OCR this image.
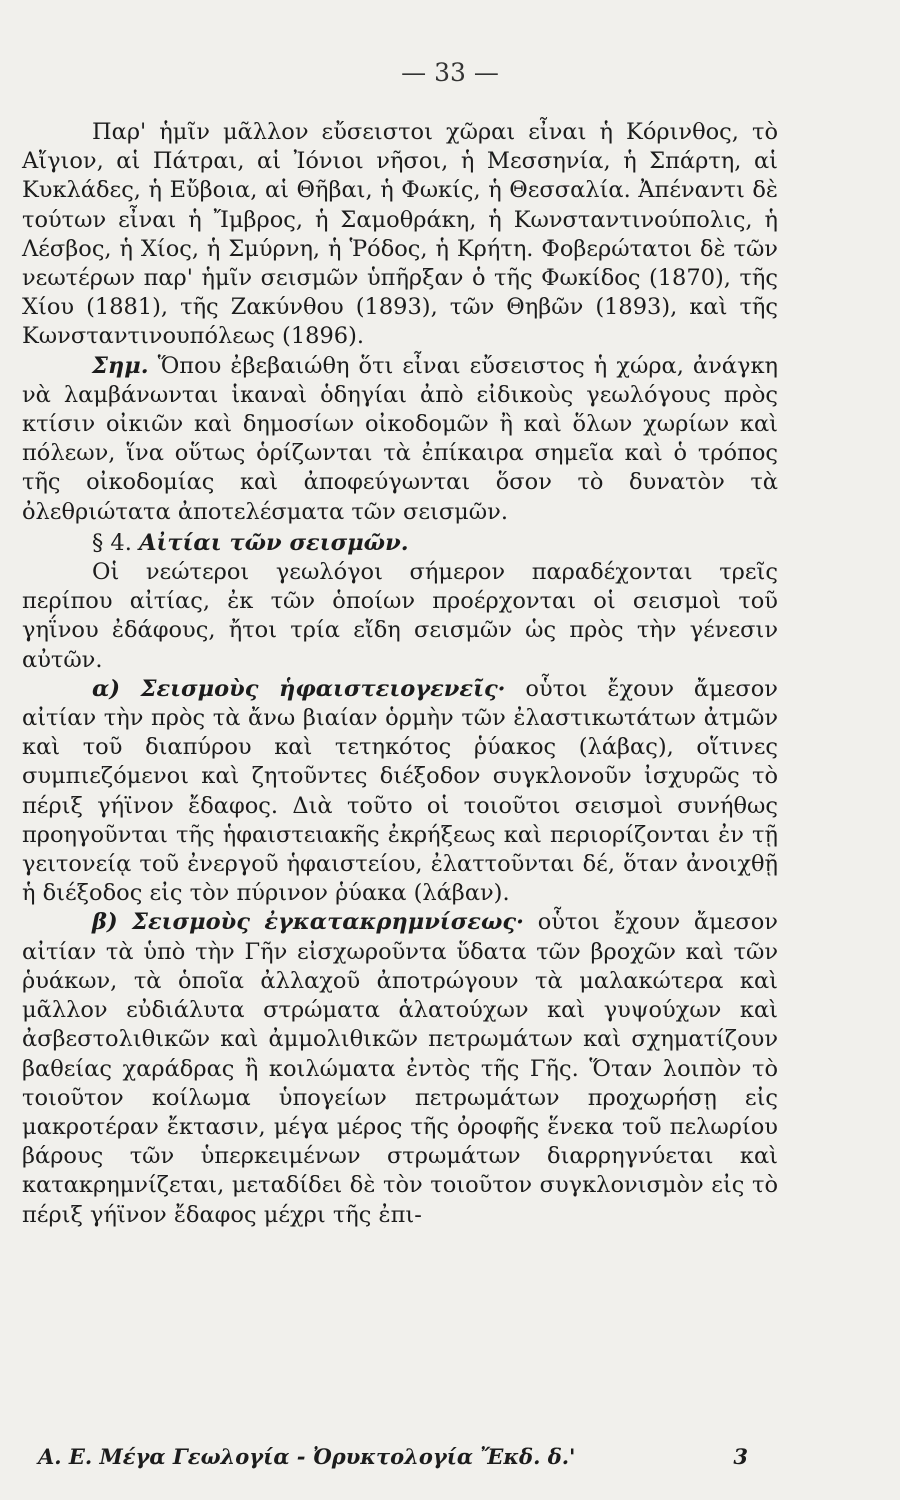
— 33 —

Παρ' ἡμῖν μᾶλλον εὔσειστοι χῶραι εἶναι ἡ Κόρινθος, τὸ Αἴγιον, αἱ Πάτραι, αἱ Ἰόνιοι νῆσοι, ἡ Μεσσηνία, ἡ Σπάρτη, αἱ Κυκλάδες, ἡ Εὔβοια, αἱ Θῆβαι, ἡ Φωκίς, ἡ Θεσσαλία. Ἀπέναντι δὲ τούτων εἶναι ἡ Ἴμβρος, ἡ Σαμοθράκη, ἡ Κωνσταντινούπολις, ἡ Λέσβος, ἡ Χίος, ἡ Σμύρνη, ἡ Ῥόδος, ἡ Κρήτη. Φοβερώτατοι δὲ τῶν νεωτέρων παρ' ἡμῖν σεισμῶν ὑπῆρξαν ὁ τῆς Φωκίδος (1870), τῆς Χίου (1881), τῆς Ζακύνθου (1893), τῶν Θηβῶν (1893), καὶ τῆς Κωνσταντινουπόλεως (1896).

Σημ. Ὅπου ἐβεβαιώθη ὅτι εἶναι εὔσειστος ἡ χώρα, ἀνάγκη νὰ λαμβάνωνται ἱκαναὶ ὁδηγίαι ἀπὸ εἰδικοὺς γεωλόγους πρὸς κτίσιν οἰκιῶν καὶ δημοσίων οἰκοδομῶν ἢ καὶ ὅλων χωρίων καὶ πόλεων, ἵνα οὕτως ὁρίζωνται τὰ ἐπίκαιρα σημεῖα καὶ ὁ τρόπος τῆς οἰκοδομίας καὶ ἀποφεύγωνται ὅσον τὸ δυνατὸν τὰ ὀλεθριώτατα ἀποτελέσματα τῶν σεισμῶν.

§ 4. Αἰτίαι τῶν σεισμῶν.

Οἱ νεώτεροι γεωλόγοι σήμερον παραδέχονται τρεῖς περίπου αἰτίας, ἐκ τῶν ὁποίων προέρχονται οἱ σεισμοὶ τοῦ γηΐνου ἐδάφους, ἤτοι τρία εἴδη σεισμῶν ὡς πρὸς τὴν γένεσιν αὐτῶν.

α) Σεισμοὺς ἡφαιστειογενεῖς· οὗτοι ἔχουν ἄμεσον αἰτίαν τὴν πρὸς τὰ ἄνω βιαίαν ὁρμὴν τῶν ἐλαστικωτάτων ἀτμῶν καὶ τοῦ διαπύρου καὶ τετηκότος ῥύακος (λάβας), οἵτινες συμπιεζόμενοι καὶ ζητοῦντες διέξοδον συγκλονοῦν ἰσχυρῶς τὸ πέριξ γήϊνον ἔδαφος. Διὰ τοῦτο οἱ τοιοῦτοι σεισμοὶ συνήθως προηγοῦνται τῆς ἡφαιστειακῆς ἐκρήξεως καὶ περιορίζονται ἐν τῇ γειτονείᾳ τοῦ ἐνεργοῦ ἡφαιστείου, ἐλαττοῦνται δέ, ὅταν ἀνοιχθῇ ἡ διέξοδος εἰς τὸν πύρινον ῥύακα (λάβαν).

β) Σεισμοὺς ἐγκατακρημνίσεως· οὗτοι ἔχουν ἄμεσον αἰτίαν τὰ ὑπὸ τὴν Γῆν εἰσχωροῦντα ὕδατα τῶν βροχῶν καὶ τῶν ῥυάκων, τὰ ὁποῖα ἀλλαχοῦ ἀποτρώγουν τὰ μαλακώτερα καὶ μᾶλλον εὐδιάλυτα στρώματα ἁλατούχων καὶ γυψούχων καὶ ἀσβεστολιθικῶν καὶ ἀμμολιθικῶν πετρωμάτων καὶ σχηματίζουν βαθείας χαράδρας ἢ κοιλώματα ἐντὸς τῆς Γῆς. Ὅταν λοιπὸν τὸ τοιοῦτον κοίλωμα ὑπογείων πετρωμάτων προχωρήσῃ εἰς μακροτέραν ἔκτασιν, μέγα μέρος τῆς ὀροφῆς ἕνεκα τοῦ πελωρίου βάρους τῶν ὑπερκειμένων στρωμάτων διαρρηγνύεται καὶ κατακρημνίζεται, μεταδίδει δὲ τὸν τοιοῦτον συγκλονισμὸν εἰς τὸ πέριξ γήϊνον ἔδαφος μέχρι τῆς ἐπι-

Α. Ε. Μέγα Γεωλογία - Ὀρυκτολογία Ἔκδ. δ.'	3
